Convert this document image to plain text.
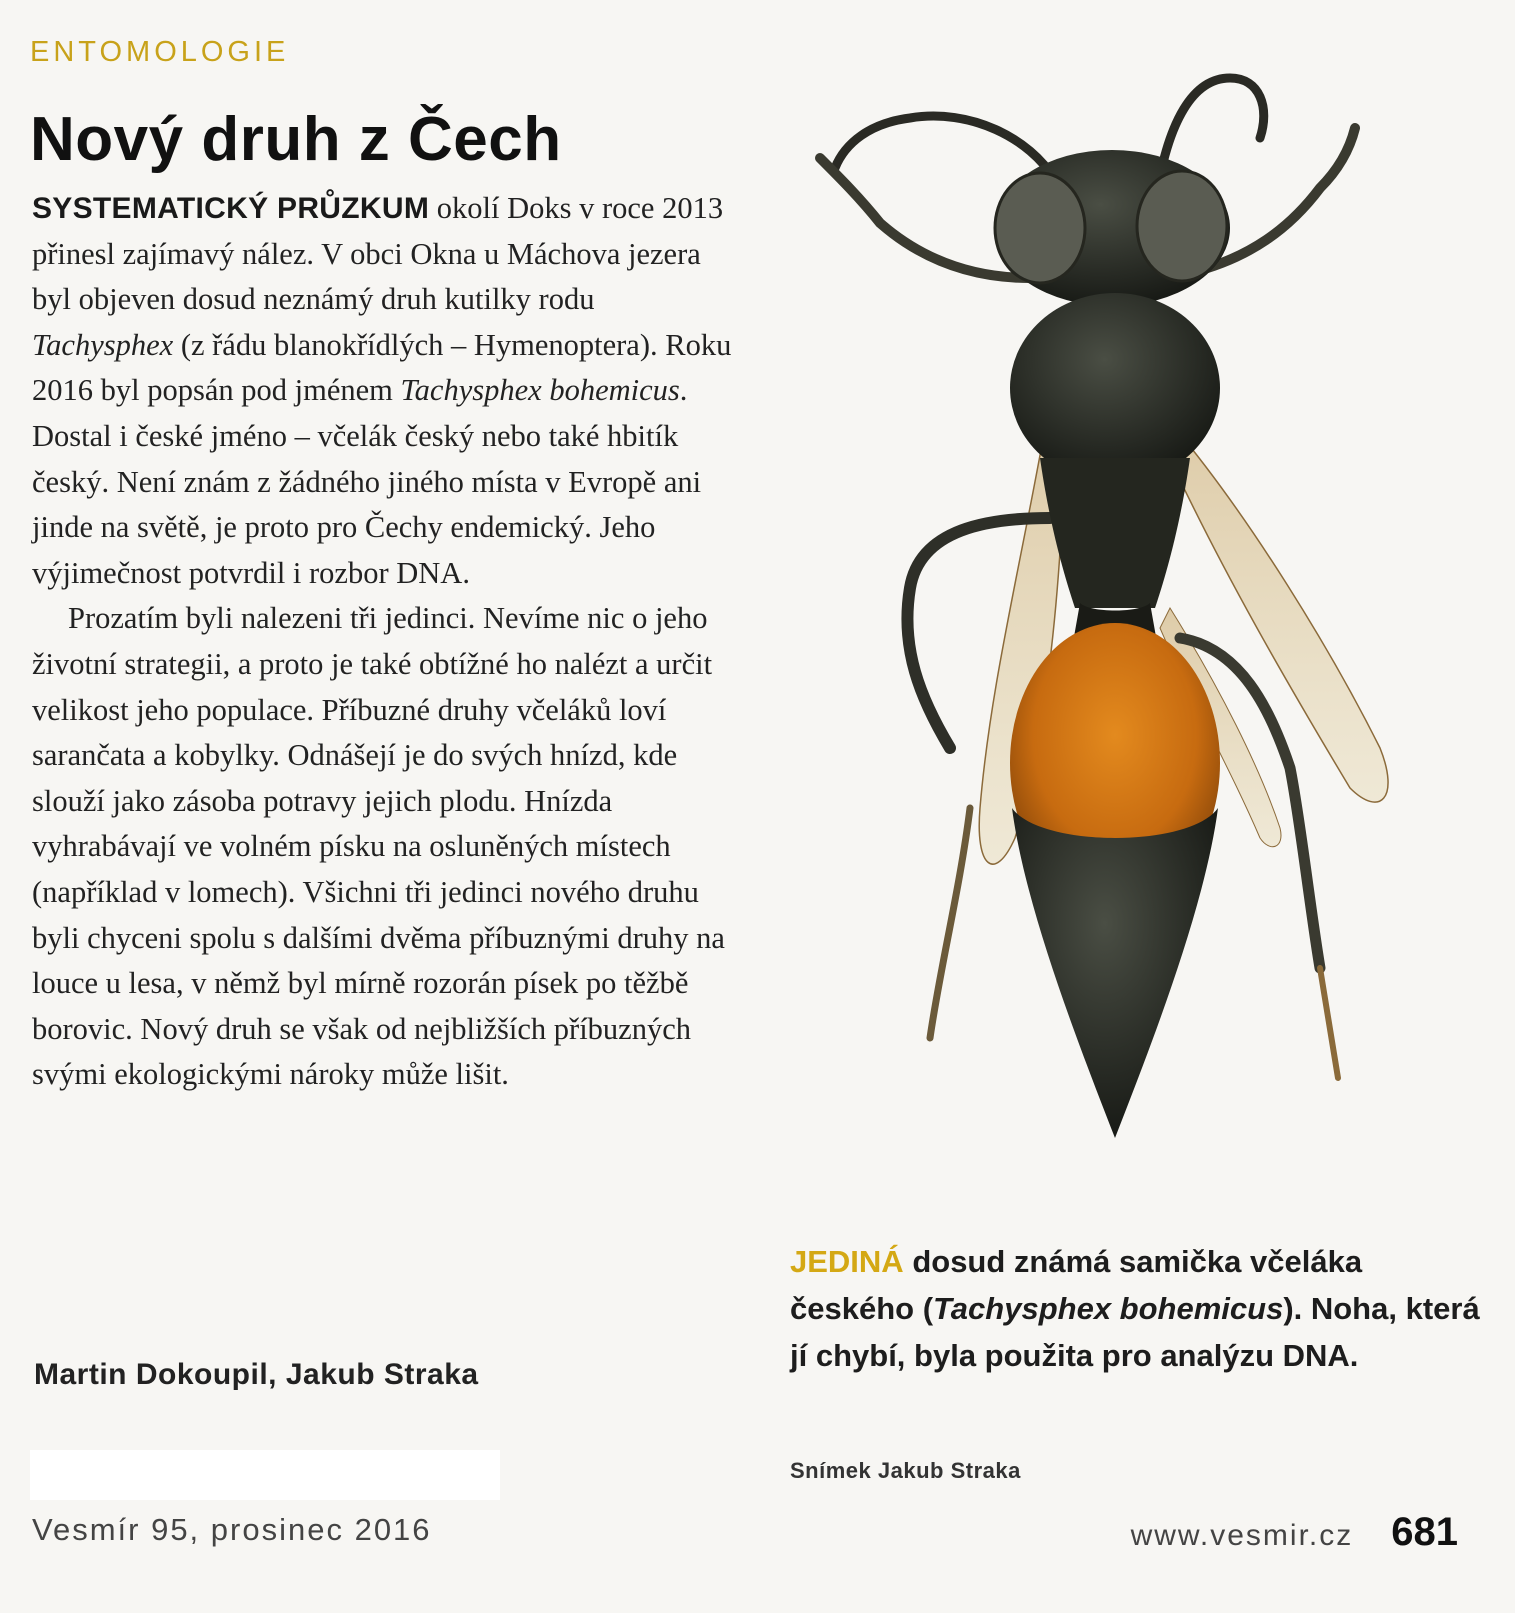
ENTOMOLOGIE
Nový druh z Čech

SYSTEMATICKÝ PRŮZKUM okolí Doks v roce 2013 přinesl zajímavý nález. V obci Okna u Máchova jezera byl objeven dosud neznámý druh kutilky rodu Tachysphex (z řádu blanokřídlých – Hymenoptera). Roku 2016 byl popsán pod jménem Tachysphex bohemicus. Dostal i české jméno – včelák český nebo také hbitík český. Není znám z žádného jiného místa v Evropě ani jinde na světě, je proto pro Čechy endemický. Jeho výjimečnost potvrdil i rozbor DNA.

Prozatím byli nalezeni tři jedinci. Nevíme nic o jeho životní strategii, a proto je také obtížné ho nalézt a určit velikost jeho populace. Příbuzné druhy včeláků loví sarančata a kobylky. Odnášejí je do svých hnízd, kde slouží jako zásoba potravy jejich plodu. Hnízda vyhrabávají ve volném písku na osluněných místech (například v lomech). Všichni tři jedinci nového druhu byli chyceni spolu s dalšími dvěma příbuznými druhy na louce u lesa, v němž byl mírně rozorán písek po těžbě borovic. Nový druh se však od nejbližších příbuzných svými ekologickými nároky může lišit.

Martin Dokoupil, Jakub Straka
Vesmír 95, prosinec 2016

JEDINÁ dosud známá samička včeláka českého (Tachysphex bohemicus). Noha, která jí chybí, byla použita pro analýzu DNA.

Snímek Jakub Straka
www.vesmir.cz 681
